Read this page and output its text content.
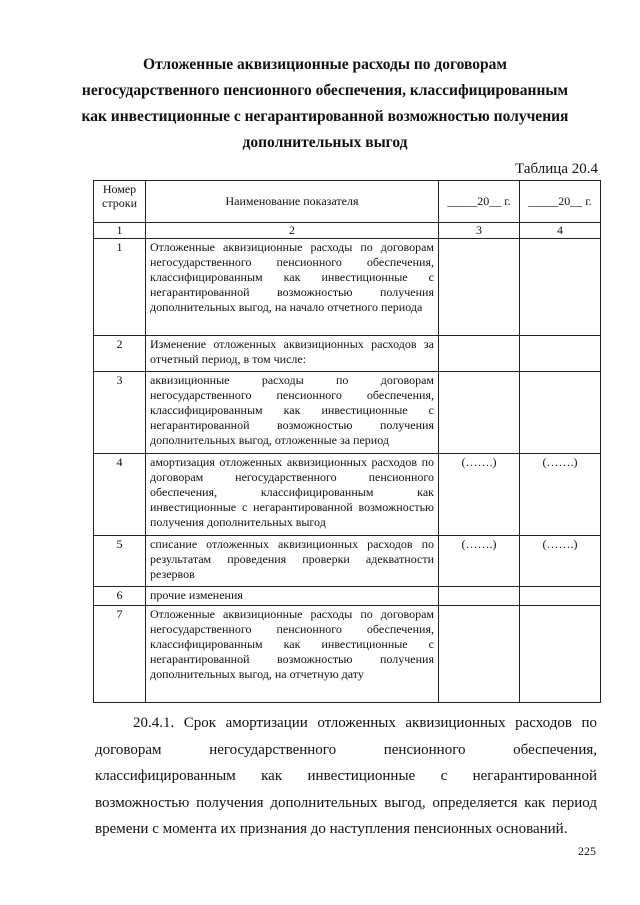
Отложенные аквизиционные расходы по договорам
негосударственного пенсионного обеспечения, классифицированным
как инвестиционные с негарантированной возможностью получения
дополнительных выгод
Таблица 20.4
Номер строки	Наименование показателя	_____20__ г.	_____20__ г.
1	2	3	4
1	Отложенные аквизиционные расходы по договорам негосударственного пенсионного обеспечения, классифицированным как инвестиционные с негарантированной возможностью получения дополнительных выгод, на начало отчетного периода		
2	Изменение отложенных аквизиционных расходов за отчетный период, в том числе:		
3	аквизиционные расходы по договорам негосударственного пенсионного обеспечения, классифицированным как инвестиционные с негарантированной возможностью получения дополнительных выгод, отложенные за период		
4	амортизация отложенных аквизиционных расходов по договорам негосударственного пенсионного обеспечения, классифицированным как инвестиционные с негарантированной возможностью получения дополнительных выгод	(…….)	(…….)
5	списание отложенных аквизиционных расходов по результатам проведения проверки адекватности резервов	(…….)	(…….)
6	прочие изменения		
7	Отложенные аквизиционные расходы по договорам негосударственного пенсионного обеспечения, классифицированным как инвестиционные с негарантированной возможностью получения дополнительных выгод, на отчетную дату		
20.4.1. Срок амортизации отложенных аквизиционных расходов по договорам негосударственного пенсионного обеспечения, классифицированным как инвестиционные с негарантированной возможностью получения дополнительных выгод, определяется как период времени с момента их признания до наступления пенсионных оснований.
225
